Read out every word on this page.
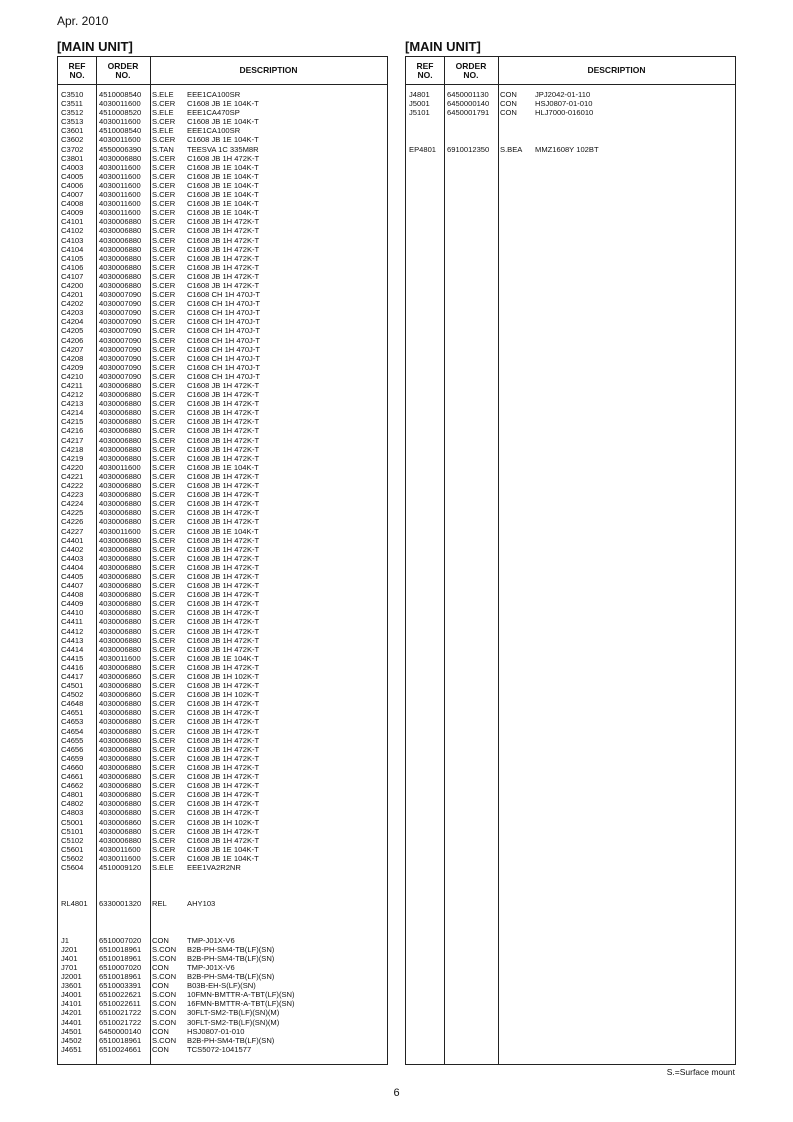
Apr. 2010
[MAIN UNIT]
REF
NO.
ORDER
NO.	DESCRIPTION
C3510 4510008540 S.ELE EEE1CA100SR
C3511 4030011600 S.CER C1608 JB 1E 104K-T
C3512 4510008520 S.ELE EEE1CA470SP
C3513 4030011600 S.CER C1608 JB 1E 104K-T
C3601 4510008540 S.ELE EEE1CA100SR
C3602 4030011600 S.CER C1608 JB 1E 104K-T
C3702 4550006390 S.TAN TEESVA 1C 335M8R
C3801 4030006880 S.CER C1608 JB 1H 472K-T
C4003 4030011600 S.CER C1608 JB 1E 104K-T
C4005 4030011600 S.CER C1608 JB 1E 104K-T
C4006 4030011600 S.CER C1608 JB 1E 104K-T
C4007 4030011600 S.CER C1608 JB 1E 104K-T
C4008 4030011600 S.CER C1608 JB 1E 104K-T
C4009 4030011600 S.CER C1608 JB 1E 104K-T
C4101 4030006880 S.CER C1608 JB 1H 472K-T
C4102 4030006880 S.CER C1608 JB 1H 472K-T
C4103 4030006880 S.CER C1608 JB 1H 472K-T
C4104 4030006880 S.CER C1608 JB 1H 472K-T
C4105 4030006880 S.CER C1608 JB 1H 472K-T
C4106 4030006880 S.CER C1608 JB 1H 472K-T
C4107 4030006880 S.CER C1608 JB 1H 472K-T
C4200 4030006880 S.CER C1608 JB 1H 472K-T
C4201 4030007090 S.CER C1608 CH 1H 470J-T
C4202 4030007090 S.CER C1608 CH 1H 470J-T
C4203 4030007090 S.CER C1608 CH 1H 470J-T
C4204 4030007090 S.CER C1608 CH 1H 470J-T
C4205 4030007090 S.CER C1608 CH 1H 470J-T
C4206 4030007090 S.CER C1608 CH 1H 470J-T
C4207 4030007090 S.CER C1608 CH 1H 470J-T
C4208 4030007090 S.CER C1608 CH 1H 470J-T
C4209 4030007090 S.CER C1608 CH 1H 470J-T
C4210 4030007090 S.CER C1608 CH 1H 470J-T
C4211 4030006880 S.CER C1608 JB 1H 472K-T
C4212 4030006880 S.CER C1608 JB 1H 472K-T
C4213 4030006880 S.CER C1608 JB 1H 472K-T
C4214 4030006880 S.CER C1608 JB 1H 472K-T
C4215 4030006880 S.CER C1608 JB 1H 472K-T
C4216 4030006880 S.CER C1608 JB 1H 472K-T
C4217 4030006880 S.CER C1608 JB 1H 472K-T
C4218 4030006880 S.CER C1608 JB 1H 472K-T
C4219 4030006880 S.CER C1608 JB 1H 472K-T
C4220 4030011600 S.CER C1608 JB 1E 104K-T
C4221 4030006880 S.CER C1608 JB 1H 472K-T
C4222 4030006880 S.CER C1608 JB 1H 472K-T
C4223 4030006880 S.CER C1608 JB 1H 472K-T
C4224 4030006880 S.CER C1608 JB 1H 472K-T
C4225 4030006880 S.CER C1608 JB 1H 472K-T
C4226 4030006880 S.CER C1608 JB 1H 472K-T
C4227 4030011600 S.CER C1608 JB 1E 104K-T
C4401 4030006880 S.CER C1608 JB 1H 472K-T
C4402 4030006880 S.CER C1608 JB 1H 472K-T
C4403 4030006880 S.CER C1608 JB 1H 472K-T
C4404 4030006880 S.CER C1608 JB 1H 472K-T
C4405 4030006880 S.CER C1608 JB 1H 472K-T
C4407 4030006880 S.CER C1608 JB 1H 472K-T
C4408 4030006880 S.CER C1608 JB 1H 472K-T
C4409 4030006880 S.CER C1608 JB 1H 472K-T
C4410 4030006880 S.CER C1608 JB 1H 472K-T
C4411 4030006880 S.CER C1608 JB 1H 472K-T
C4412 4030006880 S.CER C1608 JB 1H 472K-T
C4413 4030006880 S.CER C1608 JB 1H 472K-T
C4414 4030006880 S.CER C1608 JB 1H 472K-T
C4415 4030011600 S.CER C1608 JB 1E 104K-T
C4416 4030006880 S.CER C1608 JB 1H 472K-T
C4417 4030006860 S.CER C1608 JB 1H 102K-T
C4501 4030006880 S.CER C1608 JB 1H 472K-T
C4502 4030006860 S.CER C1608 JB 1H 102K-T
C4648 4030006880 S.CER C1608 JB 1H 472K-T
C4651 4030006880 S.CER C1608 JB 1H 472K-T
C4653 4030006880 S.CER C1608 JB 1H 472K-T
C4654 4030006880 S.CER C1608 JB 1H 472K-T
C4655 4030006880 S.CER C1608 JB 1H 472K-T
C4656 4030006880 S.CER C1608 JB 1H 472K-T
C4659 4030006880 S.CER C1608 JB 1H 472K-T
C4660 4030006880 S.CER C1608 JB 1H 472K-T
C4661 4030006880 S.CER C1608 JB 1H 472K-T
C4662 4030006880 S.CER C1608 JB 1H 472K-T
C4801 4030006880 S.CER C1608 JB 1H 472K-T
C4802 4030006880 S.CER C1608 JB 1H 472K-T
C4803 4030006880 S.CER C1608 JB 1H 472K-T
C5001 4030006860 S.CER C1608 JB 1H 102K-T
C5101 4030006880 S.CER C1608 JB 1H 472K-T
C5102 4030006880 S.CER C1608 JB 1H 472K-T
C5601 4030011600 S.CER C1608 JB 1E 104K-T
C5602 4030011600 S.CER C1608 JB 1E 104K-T
C5604 4510009120 S.ELE EEE1VA2R2NR
RL4801 6330001320 REL	AHY103
J1	6510007020 CON TMP-J01X-V6
J201	6510018961 S.CON B2B-PH-SM4-TB(LF)(SN)
J401	6510018961 S.CON B2B-PH-SM4-TB(LF)(SN)
J701	6510007020 CON TMP-J01X-V6
J2001 6510018961 S.CON B2B-PH-SM4-TB(LF)(SN)
J3601 6510003391 CON B03B-EH-S(LF)(SN)
J4001 6510022621 S.CON 10FMN-BMTTR-A-TBT(LF)(SN)
J4101 6510022611 S.CON 16FMN-BMTTR-A-TBT(LF)(SN)
J4201 6510021722 S.CON 30FLT-SM2-TB(LF)(SN)(M)
J4401 6510021722 S.CON 30FLT-SM2-TB(LF)(SN)(M)
J4501 6450000140 CON HSJ0807-01-010
J4502 6510018961 S.CON B2B-PH-SM4-TB(LF)(SN)
J4651 6510024661 CON TCS5072-1041577
[MAIN UNIT]
REF
NO.
ORDER
NO.	DESCRIPTION
J4801 6450001130 CON JPJ2042-01-110
J5001 6450000140 CON HSJ0807-01-010
J5101 6450001791 CON HLJ7000-016010
EP4801 6910012350 S.BEA MMZ1608Y 102BT
S.=Surface mount
6
